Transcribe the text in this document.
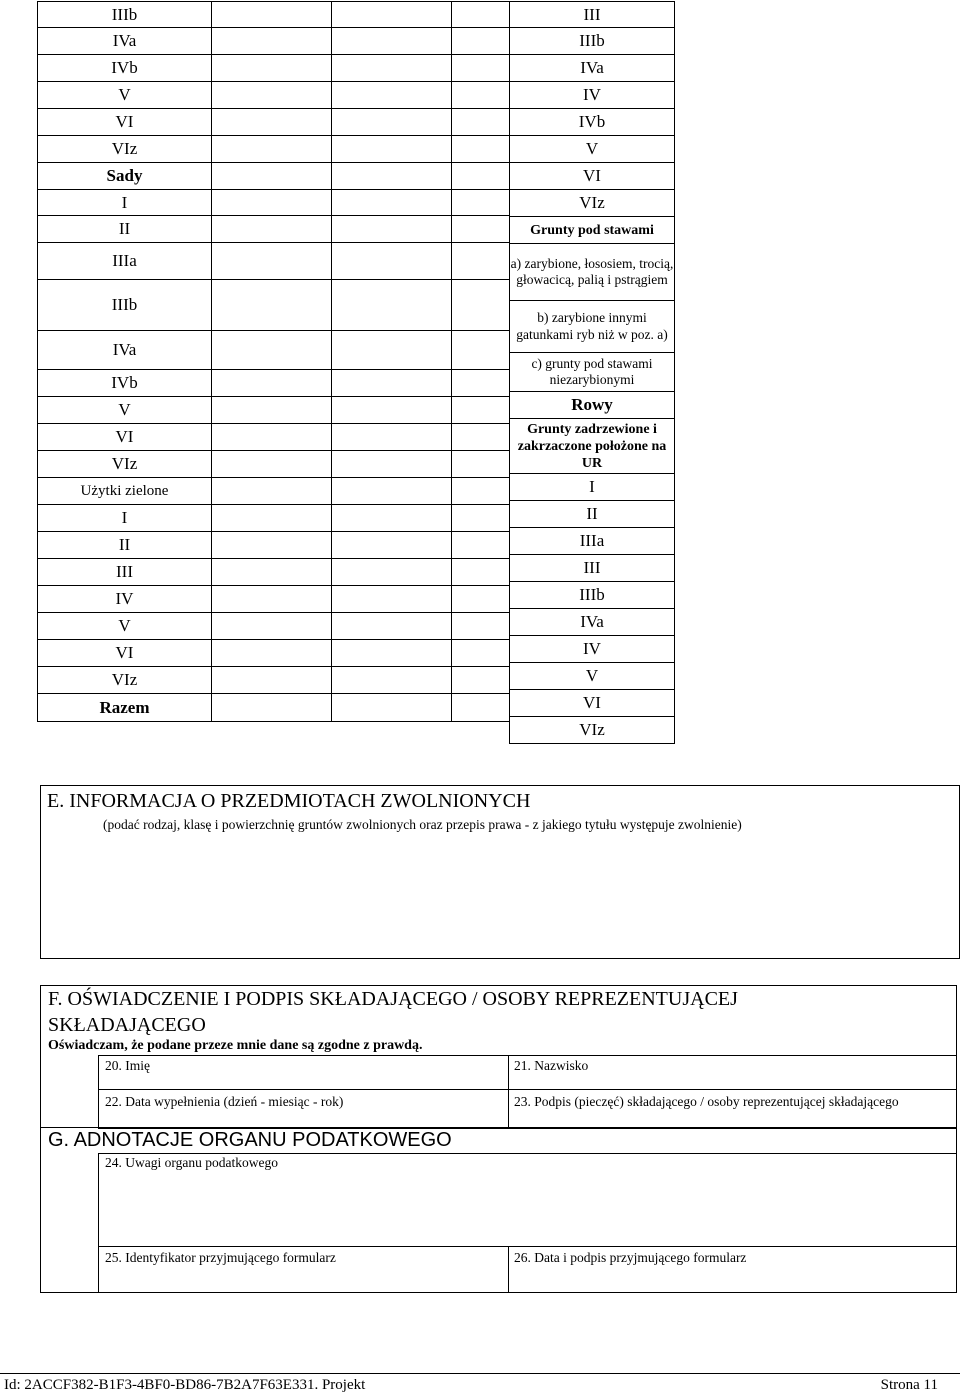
IIIb			
IVa			
IVb			
V			
VI			
VIz			
Sady			
I			
II			
IIIa			
IIIb			
IVa			
IVb			
V			
VI			
VIz			
Użytki zielone			
I			
II			
III			
IV			
V			
VI			
VIz			
Razem			
III
IIIb
IVa
IV
IVb
V
VI
VIz
Grunty pod stawami
a) zarybione, łososiem, trocią, głowacicą, palią i pstrągiem
b) zarybione innymi gatunkami ryb niż w poz. a)
c) grunty pod stawami niezarybionymi
Rowy
Grunty zadrzewione i zakrzaczone położone na UR
I
II
IIIa
III
IIIb
IVa
IV
V
VI
VIz
E. INFORMACJA O PRZEDMIOTACH ZWOLNIONYCH
(podać rodzaj, klasę i powierzchnię gruntów zwolnionych oraz przepis prawa - z jakiego tytułu występuje zwolnienie)
F. OŚWIADCZENIE I PODPIS SKŁADAJĄCEGO / OSOBY REPREZENTUJĄCEJ
SKŁADAJĄCEGO
Oświadczam, że podane przeze mnie dane są zgodne z prawdą.
20. Imię	21. Nazwisko
22. Data wypełnienia (dzień - miesiąc - rok)	23. Podpis (pieczęć) składającego / osoby reprezentującej składającego
G. ADNOTACJE ORGANU PODATKOWEGO
24. Uwagi organu podatkowego
25. Identyfikator przyjmującego formularz	26. Data i podpis przyjmującego formularz
Id: 2ACCF382-B1F3-4BF0-BD86-7B2A7F63E331. Projekt	Strona 11
